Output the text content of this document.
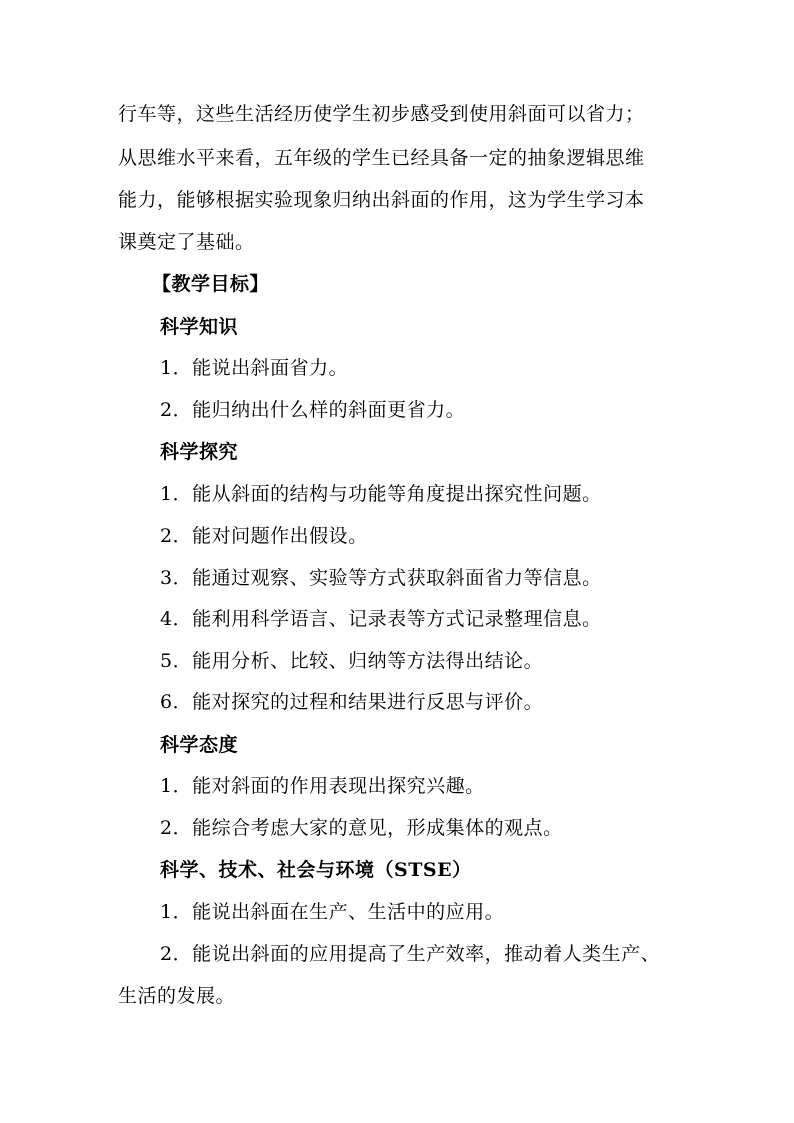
行车等，这些生活经历使学生初步感受到使用斜面可以省力；
从思维水平来看，五年级的学生已经具备一定的抽象逻辑思维
能力，能够根据实验现象归纳出斜面的作用，这为学生学习本
课奠定了基础。
【教学目标】
科学知识
1．能说出斜面省力。
2．能归纳出什么样的斜面更省力。
科学探究
1．能从斜面的结构与功能等角度提出探究性问题。
2．能对问题作出假设。
3．能通过观察、实验等方式获取斜面省力等信息。
4．能利用科学语言、记录表等方式记录整理信息。
5．能用分析、比较、归纳等方法得出结论。
6．能对探究的过程和结果进行反思与评价。
科学态度
1．能对斜面的作用表现出探究兴趣。
2．能综合考虑大家的意见，形成集体的观点。
科学、技术、社会与环境（STSE）
1．能说出斜面在生产、生活中的应用。
2．能说出斜面的应用提高了生产效率，推动着人类生产、
生活的发展。
